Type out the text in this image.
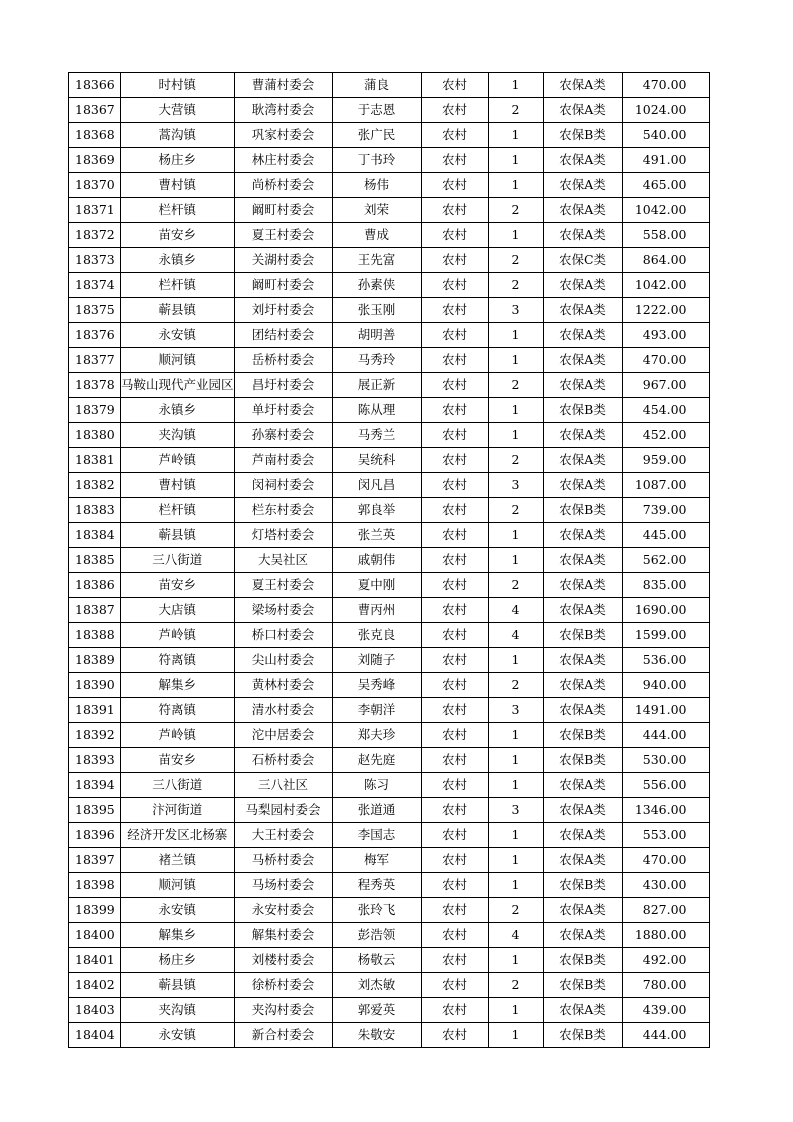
18366	时村镇	曹蒲村委会	蒲良	农村	1	农保A类	470.00
18367	大营镇	耿湾村委会	于志恩	农村	2	农保A类	1024.00
18368	蒿沟镇	巩家村委会	张广民	农村	1	农保B类	540.00
18369	杨庄乡	林庄村委会	丁书玲	农村	1	农保A类	491.00
18370	曹村镇	尚桥村委会	杨伟	农村	1	农保A类	465.00
18371	栏杆镇	阚町村委会	刘荣	农村	2	农保A类	1042.00
18372	苗安乡	夏王村委会	曹成	农村	1	农保A类	558.00
18373	永镇乡	关湖村委会	王先富	农村	2	农保C类	864.00
18374	栏杆镇	阚町村委会	孙素侠	农村	2	农保A类	1042.00
18375	蕲县镇	刘圩村委会	张玉刚	农村	3	农保A类	1222.00
18376	永安镇	团结村委会	胡明善	农村	1	农保A类	493.00
18377	顺河镇	岳桥村委会	马秀玲	农村	1	农保A类	470.00
18378	马鞍山现代产业园区	昌圩村委会	展正新	农村	2	农保A类	967.00
18379	永镇乡	单圩村委会	陈从理	农村	1	农保B类	454.00
18380	夹沟镇	孙寨村委会	马秀兰	农村	1	农保A类	452.00
18381	芦岭镇	芦南村委会	吴统科	农村	2	农保A类	959.00
18382	曹村镇	闵祠村委会	闵凡昌	农村	3	农保A类	1087.00
18383	栏杆镇	栏东村委会	郭良举	农村	2	农保B类	739.00
18384	蕲县镇	灯塔村委会	张兰英	农村	1	农保A类	445.00
18385	三八街道	大吴社区	戚朝伟	农村	1	农保A类	562.00
18386	苗安乡	夏王村委会	夏中刚	农村	2	农保A类	835.00
18387	大店镇	梁场村委会	曹丙州	农村	4	农保A类	1690.00
18388	芦岭镇	桥口村委会	张克良	农村	4	农保B类	1599.00
18389	符离镇	尖山村委会	刘随子	农村	1	农保A类	536.00
18390	解集乡	黄林村委会	吴秀峰	农村	2	农保A类	940.00
18391	符离镇	清水村委会	李朝洋	农村	3	农保A类	1491.00
18392	芦岭镇	沱中居委会	郑夫珍	农村	1	农保B类	444.00
18393	苗安乡	石桥村委会	赵先庭	农村	1	农保B类	530.00
18394	三八街道	三八社区	陈习	农村	1	农保A类	556.00
18395	汴河街道	马梨园村委会	张道通	农村	3	农保A类	1346.00
18396	经济开发区北杨寨	大王村委会	李国志	农村	1	农保A类	553.00
18397	褚兰镇	马桥村委会	梅军	农村	1	农保A类	470.00
18398	顺河镇	马场村委会	程秀英	农村	1	农保B类	430.00
18399	永安镇	永安村委会	张玲飞	农村	2	农保A类	827.00
18400	解集乡	解集村委会	彭浩领	农村	4	农保A类	1880.00
18401	杨庄乡	刘楼村委会	杨敬云	农村	1	农保B类	492.00
18402	蕲县镇	徐桥村委会	刘杰敏	农村	2	农保B类	780.00
18403	夹沟镇	夹沟村委会	郭爱英	农村	1	农保A类	439.00
18404	永安镇	新合村委会	朱敬安	农村	1	农保B类	444.00
